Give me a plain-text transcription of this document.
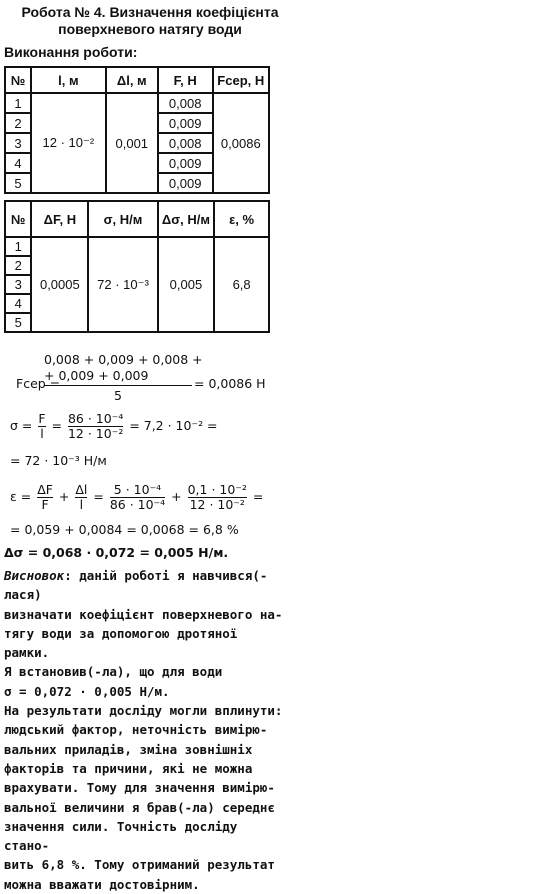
Робота № 4. Визначення коефіцієнта
поверхневого натягу води
Виконання роботи:
№	l, м	Δl, м	F, Н	Fсер, Н
1	12 · 10⁻²	0,001	0,008	0,0086
2			0,009	
3			0,008	
4			0,009	
5			0,009	
№	ΔF, Н	σ, Н/м	Δσ, Н/м	ε, %
1	0,0005	72 · 10⁻³	0,005	6,8
2				
3				
4				
5				
0,008 + 0,009 + 0,008 +
Fсер =
+ 0,009 + 0,009
5
= 0,0086 Н
$\sigma = \frac{F}{l} = \frac{\text{86 · 10⁻⁴}}{\text{12 · 10⁻²}} = 7,2 \cdot 10^{-2}$ =
= 72 · 10⁻³ Н/м
$\varepsilon = \frac{\Delta F}{F} + \frac{\Delta l}{l} = \frac{\text{5 · 10⁻⁴}}{\text{86 · 10⁻⁴}} + \frac{\text{0,1 · 10⁻²}}{\text{12 · 10⁻²}}$ =
= 0,059 + 0,0084 = 0,0068 = 6,8 %
Δσ = 0,068 · 0,072 = 0,005 Н/м.

Висновок: даній роботі я навчився(-лася)

визначати коефіцієнт поверхневого на-

тягу води за допомогою дротяної рамки.

Я встановив(-ла), що для води

σ = 0,072 · 0,005 Н/м.

На результати досліду могли вплинути:

людський фактор, неточність вимірю-

вальних приладів, зміна зовнішніх

факторів та причини, які не можна

врахувати. Тому для значення вимірю-

вальної величини я брав(-ла) середнє

значення сили. Точність досліду стано-

вить 6,8 %. Тому отриманий результат

можна вважати достовірним.
